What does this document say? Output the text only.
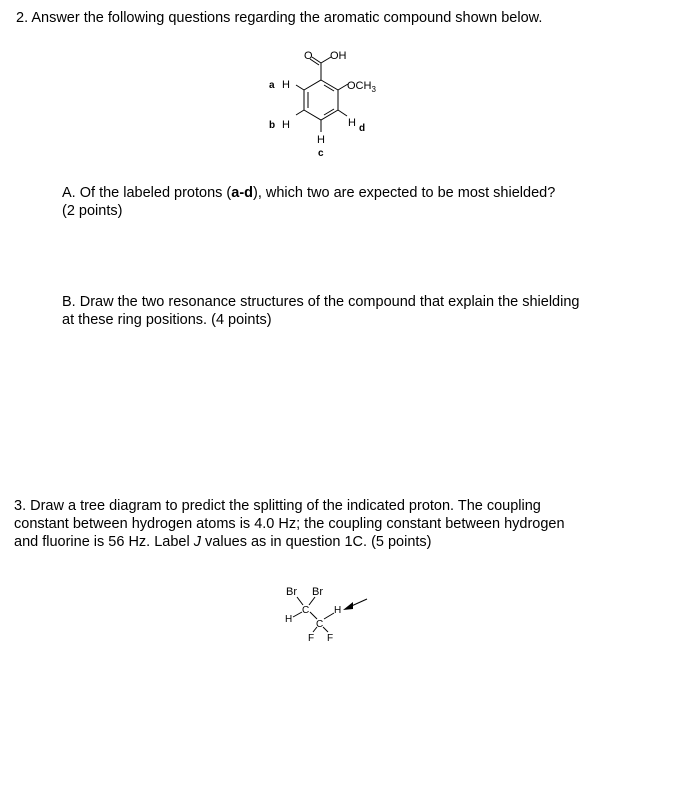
2. Answer the following questions regarding the aromatic compound shown below.

O OH
$OCH_3$
a H
b H
H
c
H d

A. Of the labeled protons (a-d), which two are expected to be most shielded?
(2 points)

B. Draw the two resonance structures of the compound that explain the shielding
at these ring positions. (4 points)

3. Draw a tree diagram to predict the splitting of the indicated proton. The coupling
constant between hydrogen atoms is 4.0 Hz; the coupling constant between hydrogen
and fluorine is 56 Hz. Label J values as in question 1C. (5 points)

Br Br
C
H C
H
F F
